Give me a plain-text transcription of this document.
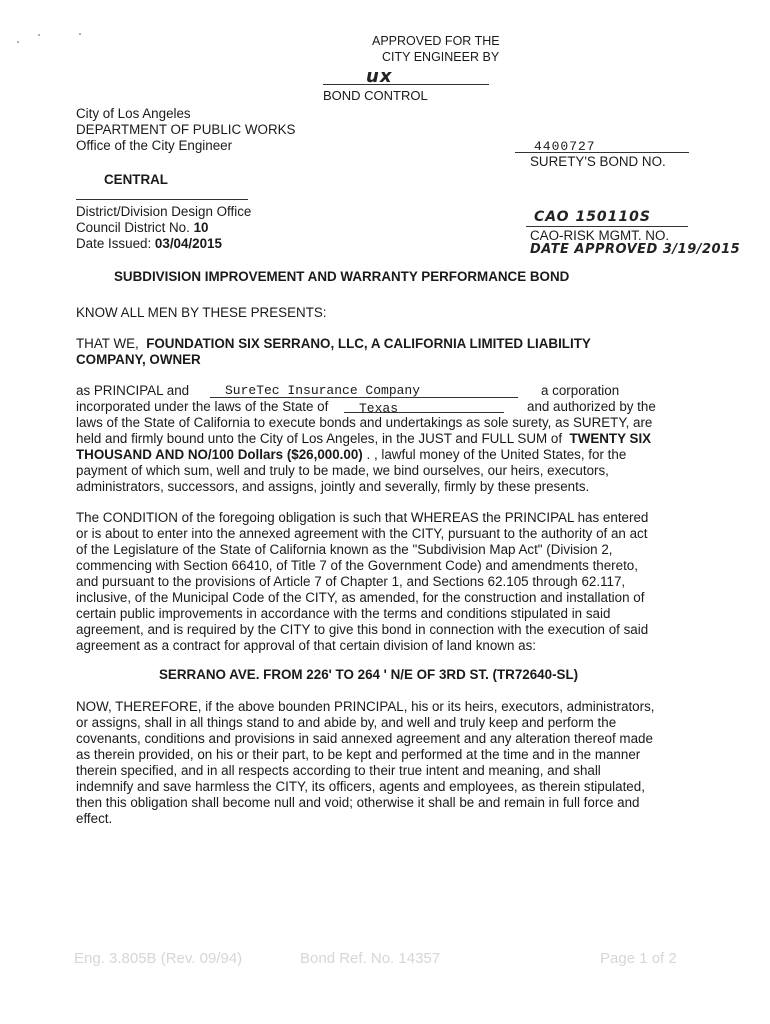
APPROVED FOR THE
CITY ENGINEER BY
ux
BOND CONTROL
City of Los Angeles
DEPARTMENT OF PUBLIC WORKS
Office of the City Engineer
CENTRAL
District/Division Design Office
Council District No. 10
Date Issued: 03/04/2015
4400727
SURETY'S BOND NO.
CAO 150110S
CAO-RISK MGMT. NO.
DATE APPROVED 3/19/2015
SUBDIVISION IMPROVEMENT AND WARRANTY PERFORMANCE BOND
KNOW ALL MEN BY THESE PRESENTS:
THAT WE, FOUNDATION SIX SERRANO, LLC, A CALIFORNIA LIMITED LIABILITY
COMPANY, OWNER
as PRINCIPAL and	SureTec Insurance Company	a corporation
incorporated under the laws of the State of Texas	and authorized by the
laws of the State of California to execute bonds and undertakings as sole surety, as SURETY, are
held and firmly bound unto the City of Los Angeles, in the JUST and FULL SUM of TWENTY SIX
THOUSAND AND NO/100 Dollars ($26,000.00) . , lawful money of the United States, for the
payment of which sum, well and truly to be made, we bind ourselves, our heirs, executors,
administrators, successors, and assigns, jointly and severally, firmly by these presents.
The CONDITION of the foregoing obligation is such that WHEREAS the PRINCIPAL has entered
or is about to enter into the annexed agreement with the CITY, pursuant to the authority of an act
of the Legislature of the State of California known as the "Subdivision Map Act" (Division 2,
commencing with Section 66410, of Title 7 of the Government Code) and amendments thereto,
and pursuant to the provisions of Article 7 of Chapter 1, and Sections 62.105 through 62.117,
inclusive, of the Municipal Code of the CITY, as amended, for the construction and installation of
certain public improvements in accordance with the terms and conditions stipulated in said
agreement, and is required by the CITY to give this bond in connection with the execution of said
agreement as a contract for approval of that certain division of land known as:
SERRANO AVE. FROM 226' TO 264 ' N/E OF 3RD ST. (TR72640-SL)
NOW, THEREFORE, if the above bounden PRINCIPAL, his or its heirs, executors, administrators,
or assigns, shall in all things stand to and abide by, and well and truly keep and perform the
covenants, conditions and provisions in said annexed agreement and any alteration thereof made
as therein provided, on his or their part, to be kept and performed at the time and in the manner
therein specified, and in all respects according to their true intent and meaning, and shall
indemnify and save harmless the CITY, its officers, agents and employees, as therein stipulated,
then this obligation shall become null and void; otherwise it shall be and remain in full force and
effect.
Eng. 3.805B (Rev. 09/94)	Bond Ref. No. 14357	Page 1 of 2
